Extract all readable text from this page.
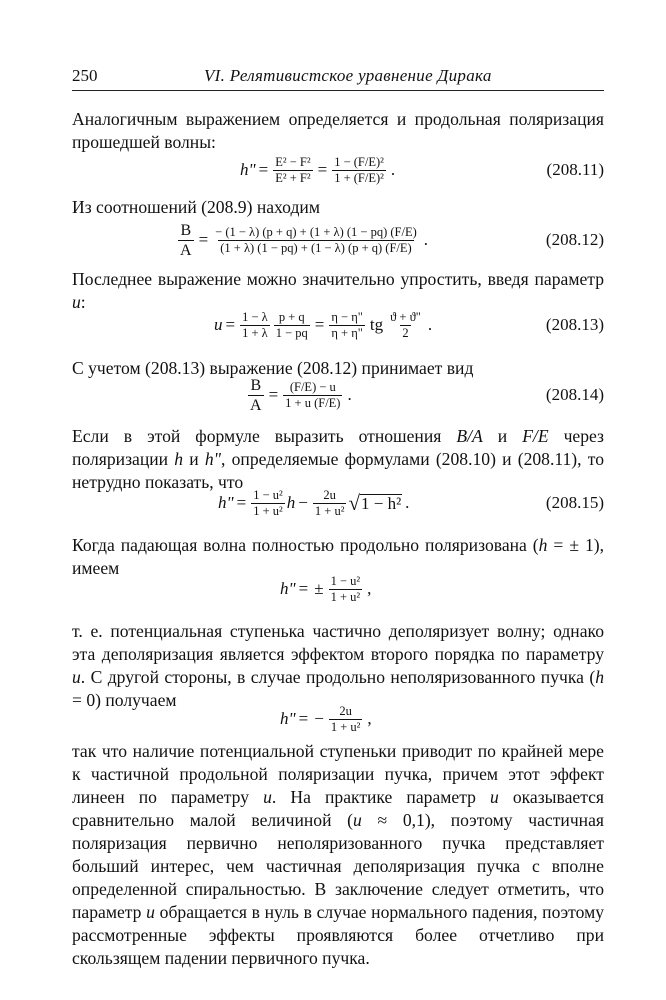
250	VI. Релятивистское уравнение Дирака

Аналогичным выражением определяется и продольная поляризация прошедшей волны:

h" = $\frac{\text{E² − F²}}{\text{E² + F²}} = \frac{\text{1 − (F/E)²}}{\text{1 + (F/E)²}}$ .	(208.11)

Из соотношений (208.9) находим

$\frac{B}{A} = \frac{- (1 - \lambda) (p + q) + (1 + \lambda) (1 - pq) (F/E)}{(1 + \lambda) (1 - pq) + (1 - \lambda) (p + q) (F/E)}$ .	(208.12)

Последнее выражение можно значительно упростить, введя параметр u:

$u = \frac{1 - \lambda}{1 + \lambda} \frac{p + q}{1 - pq} = \frac{\eta - \eta"}{\eta + \eta"}$ tg $\frac{ϑ + ϑ"}{2}$ .	(208.13)

С учетом (208.13) выражение (208.12) принимает вид

$\frac{B}{A} = \frac{(F/E) - u}{1 + u (F/E)}$ .	(208.14)

Если в этой формуле выразить отношения B/A и F/E через поляризации h и h", определяемые формулами (208.10) и (208.11), то нетрудно показать, что

h" = $\frac{\text{1 − u²}}{\text{1 + u²}}$ $h - \frac{2u}{\text{1 + u²}}$ √ 1 − h² .	(208.15)

Когда падающая волна полностью продольно поляризована (h = ± 1), имеем

h" = ± $\frac{\text{1 − u²}}{\text{1 + u²}}$ ,

т. е. потенциальная ступенька частично деполяризует волну; однако эта деполяризация является эффектом второго порядка по параметру u. С другой стороны, в случае продольно неполяризованного пучка (h = 0) получаем

h" = − $\frac{2u}{\text{1 + u²}}$ ,

так что наличие потенциальной ступеньки приводит по крайней мере к частичной продольной поляризации пучка, причем этот эффект линеен по параметру u. На практике параметр u оказывается сравнительно малой величиной (u ≈ 0,1), поэтому частичная поляризация первично неполяризованного пучка представляет больший интерес, чем частичная деполяризация пучка с вполне определенной спиральностью. В заключение следует отметить, что параметр u обращается в нуль в случае нормального падения, поэтому рассмотренные эффекты проявляются более отчетливо при скользящем падении первичного пучка.
